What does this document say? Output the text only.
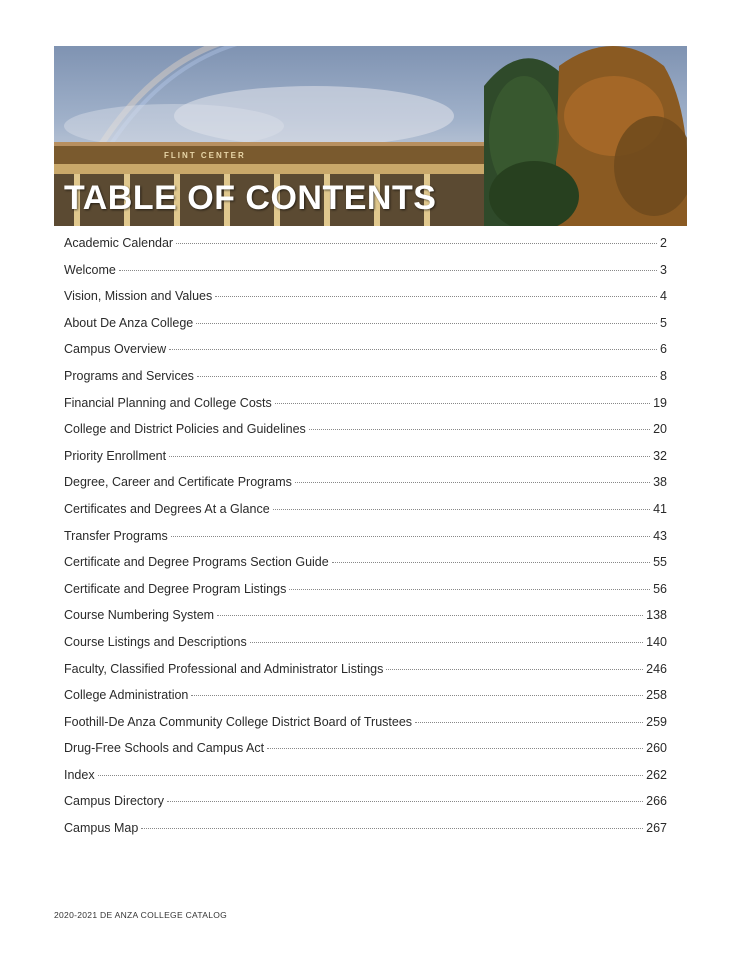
FLINT CENTER
TABLE OF CONTENTS
Academic Calendar	2
Welcome	3
Vision, Mission and Values	4
About De Anza College	5
Campus Overview	6
Programs and Services	8
Financial Planning and College Costs	19
College and District Policies and Guidelines	20
Priority Enrollment	32
Degree, Career and Certificate Programs	38
Certificates and Degrees At a Glance	41
Transfer Programs	43
Certificate and Degree Programs Section Guide	55
Certificate and Degree Program Listings	56
Course Numbering System	138
Course Listings and Descriptions	140
Faculty, Classified Professional and Administrator Listings	246
College Administration	258
Foothill-De Anza Community College District Board of Trustees	259
Drug-Free Schools and Campus Act	260
Index	262
Campus Directory	266
Campus Map	267

2020-2021 DE ANZA COLLEGE CATALOG
